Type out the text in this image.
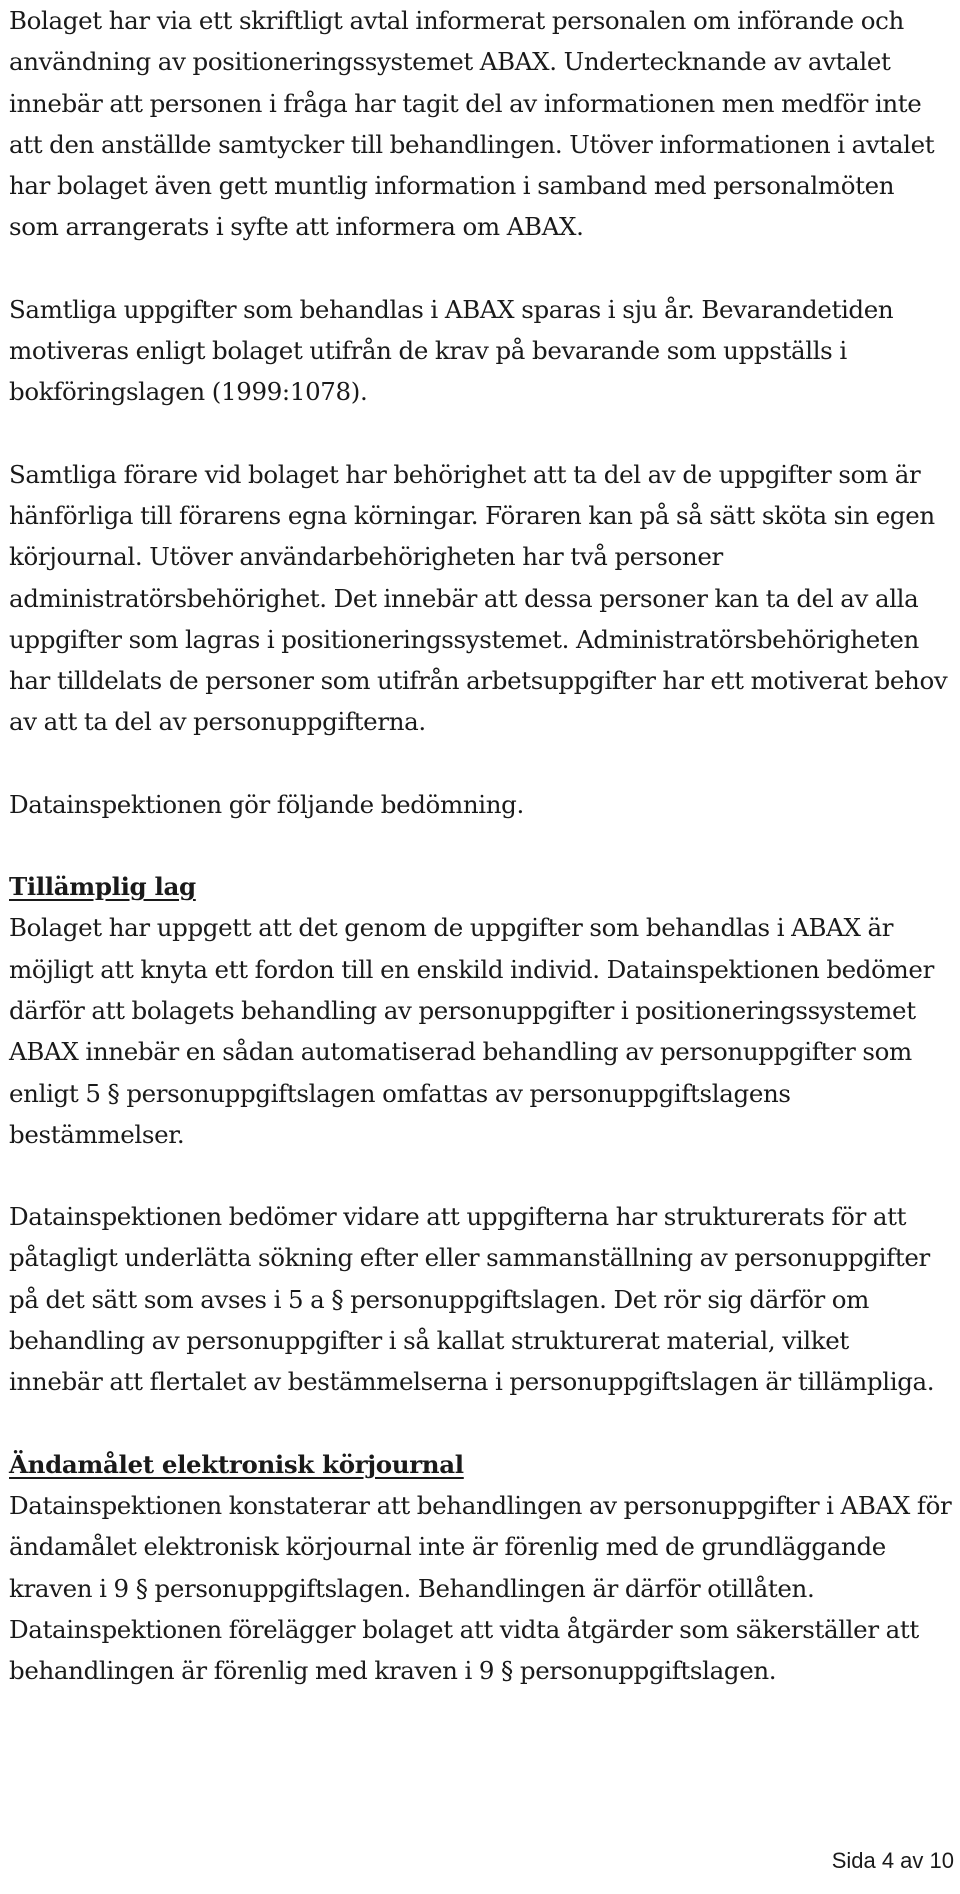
Bolaget har via ett skriftligt avtal informerat personalen om införande och
användning av positioneringssystemet ABAX. Undertecknande av avtalet
innebär att personen i fråga har tagit del av informationen men medför inte
att den anställde samtycker till behandlingen. Utöver informationen i avtalet
har bolaget även gett muntlig information i samband med personalmöten
som arrangerats i syfte att informera om ABAX.

Samtliga uppgifter som behandlas i ABAX sparas i sju år. Bevarandetiden
motiveras enligt bolaget utifrån de krav på bevarande som uppställs i
bokföringslagen (1999:1078).

Samtliga förare vid bolaget har behörighet att ta del av de uppgifter som är
hänförliga till förarens egna körningar. Föraren kan på så sätt sköta sin egen
körjournal. Utöver användarbehörigheten har två personer
administratörsbehörighet. Det innebär att dessa personer kan ta del av alla
uppgifter som lagras i positioneringssystemet. Administratörsbehörigheten
har tilldelats de personer som utifrån arbetsuppgifter har ett motiverat behov
av att ta del av personuppgifterna.

Datainspektionen gör följande bedömning.

Tillämplig lag

Bolaget har uppgett att det genom de uppgifter som behandlas i ABAX är
möjligt att knyta ett fordon till en enskild individ. Datainspektionen bedömer
därför att bolagets behandling av personuppgifter i positioneringssystemet
ABAX innebär en sådan automatiserad behandling av personuppgifter som
enligt 5 § personuppgiftslagen omfattas av personuppgiftslagens
bestämmelser.

Datainspektionen bedömer vidare att uppgifterna har strukturerats för att
påtagligt underlätta sökning efter eller sammanställning av personuppgifter
på det sätt som avses i 5 a § personuppgiftslagen. Det rör sig därför om
behandling av personuppgifter i så kallat strukturerat material, vilket
innebär att flertalet av bestämmelserna i personuppgiftslagen är tillämpliga.

Ändamålet elektronisk körjournal

Datainspektionen konstaterar att behandlingen av personuppgifter i ABAX för
ändamålet elektronisk körjournal inte är förenlig med de grundläggande
kraven i 9 § personuppgiftslagen. Behandlingen är därför otillåten.
Datainspektionen förelägger bolaget att vidta åtgärder som säkerställer att
behandlingen är förenlig med kraven i 9 § personuppgiftslagen.

Sida 4 av 10
